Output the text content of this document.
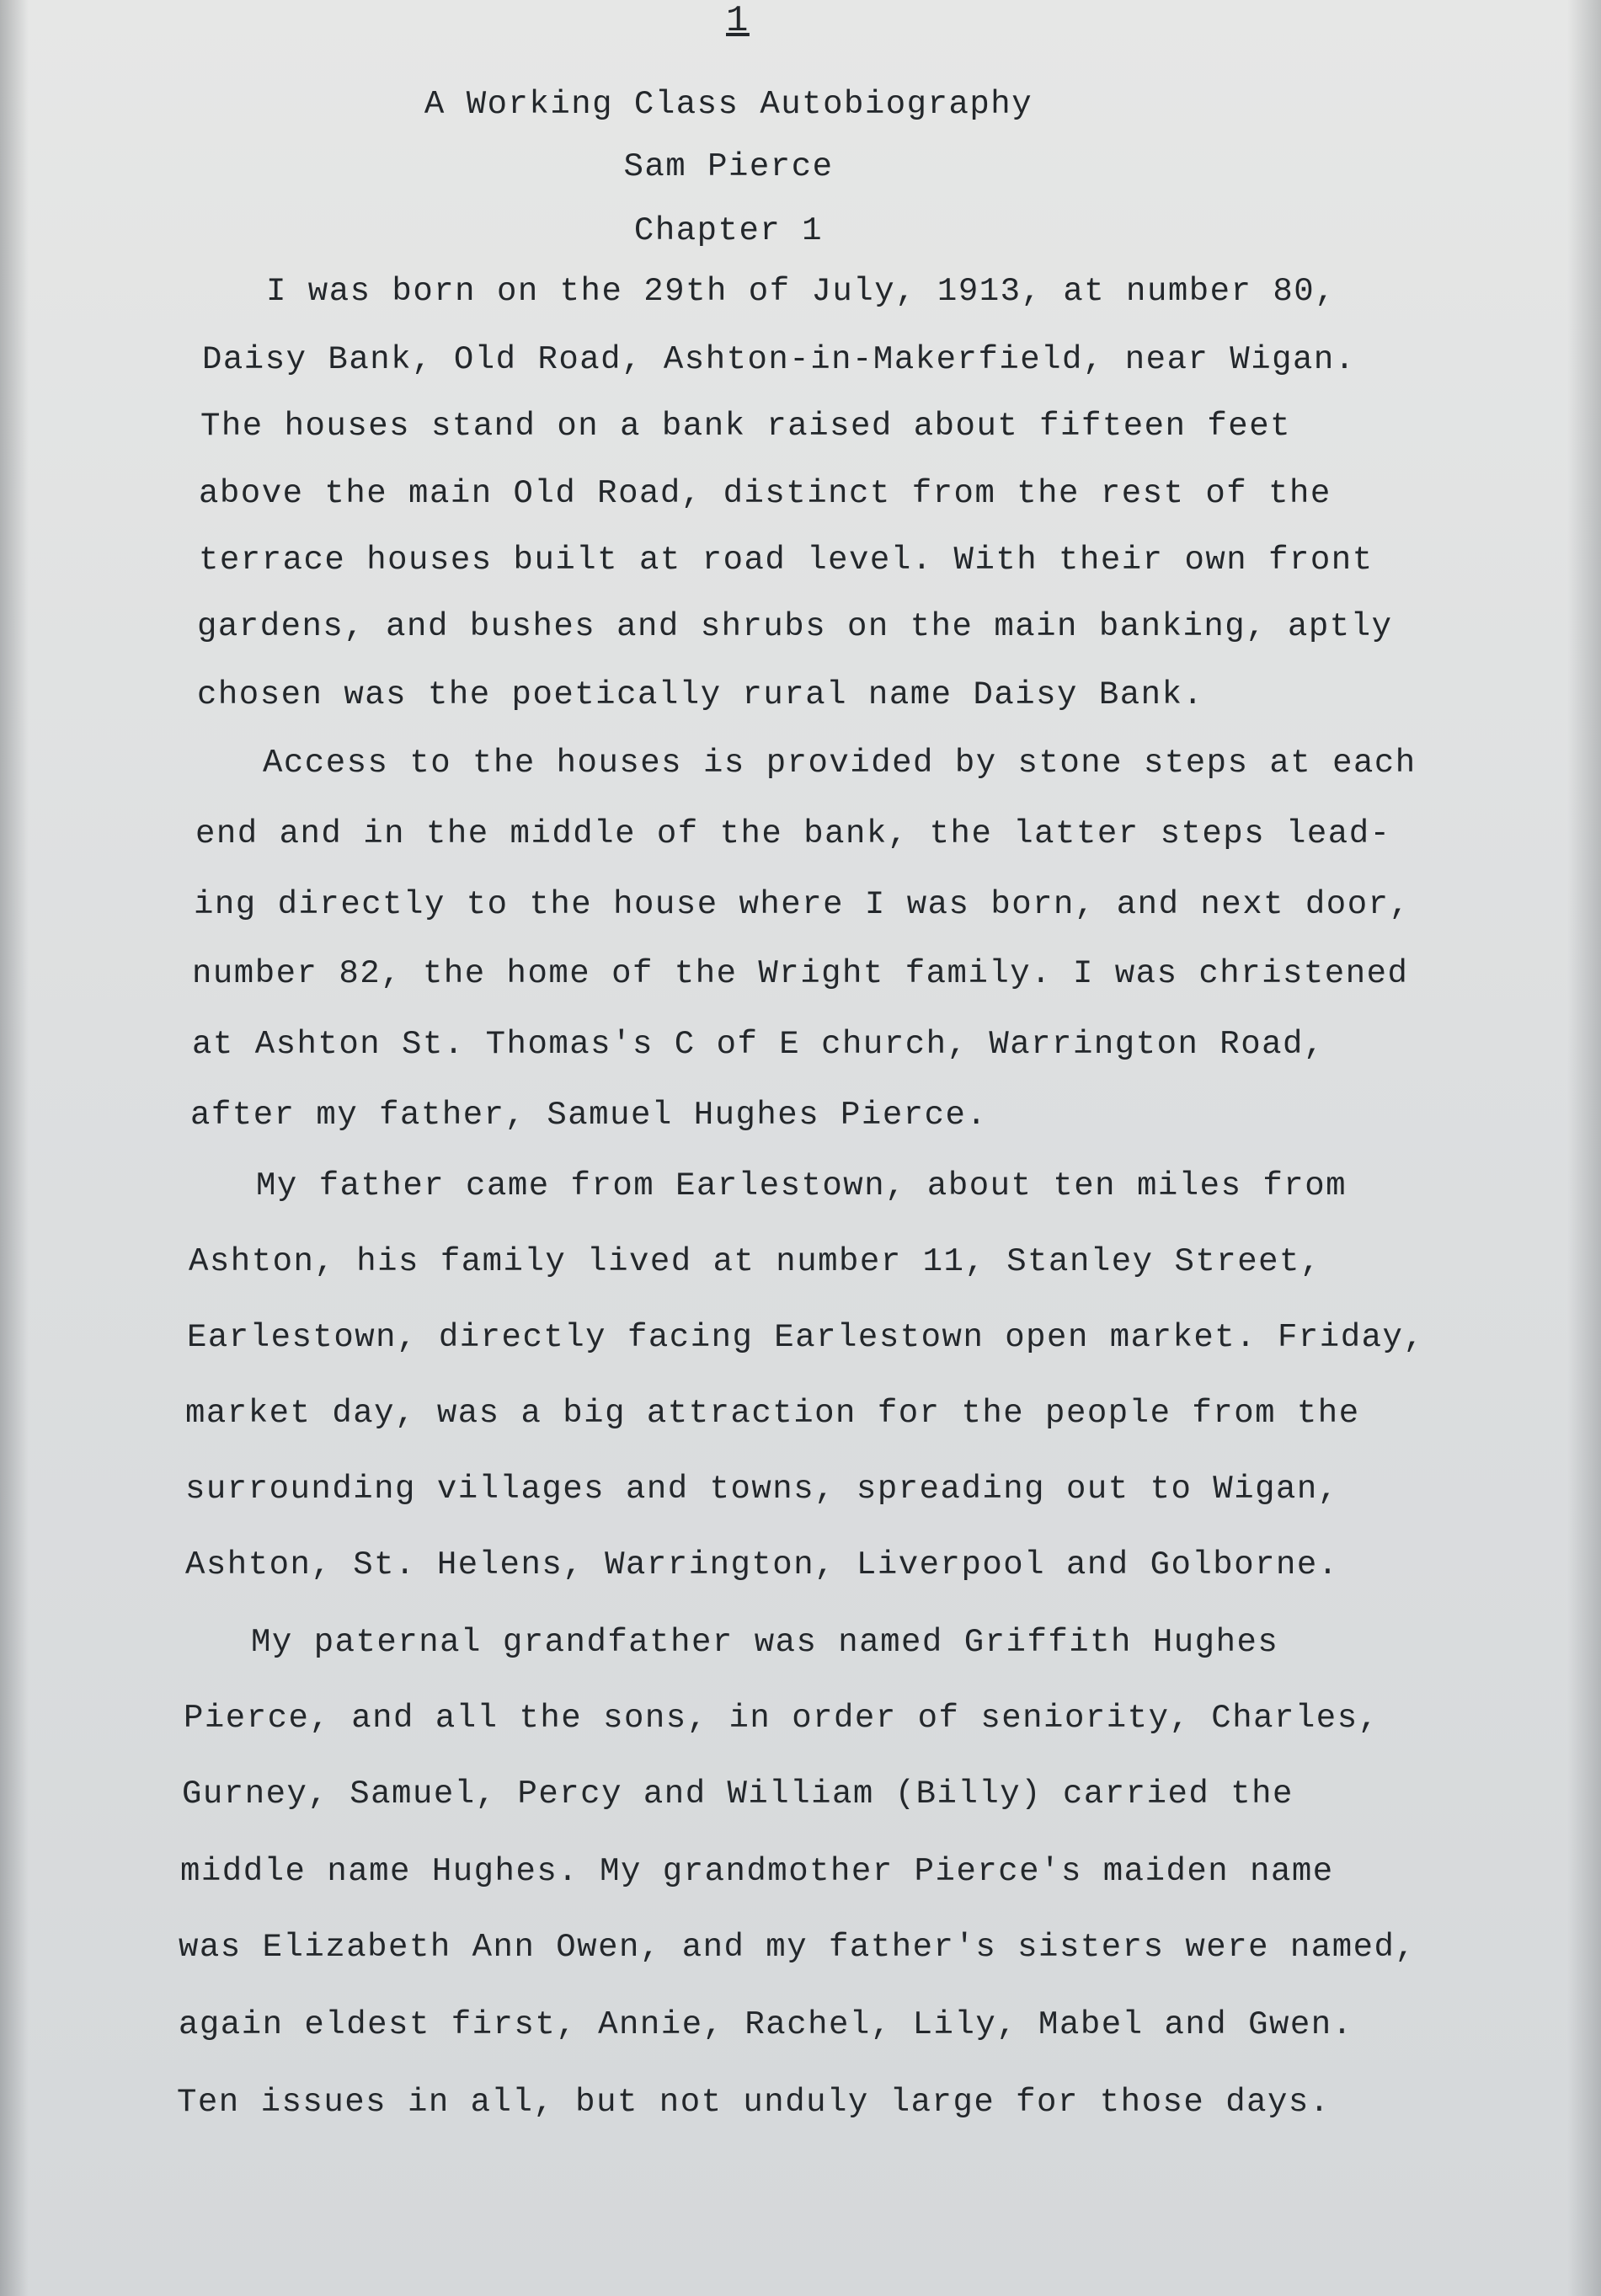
1
A Working Class Autobiography
Sam Pierce
Chapter 1
I was born on the 29th of July, 1913, at number 80,
Daisy Bank, Old Road, Ashton-in-Makerfield, near Wigan.
The houses stand on a bank raised about fifteen feet
above the main Old Road, distinct from the rest of the
terrace houses built at road level. With their own front
gardens, and bushes and shrubs on the main banking, aptly
chosen was the poetically rural name Daisy Bank.
Access to the houses is provided by stone steps at each
end and in the middle of the bank, the latter steps lead-
ing directly to the house where I was born, and next door,
number 82, the home of the Wright family. I was christened
at Ashton St. Thomas's C of E church, Warrington Road,
after my father, Samuel Hughes Pierce.
My father came from Earlestown, about ten miles from
Ashton, his family lived at number 11, Stanley Street,
Earlestown, directly facing Earlestown open market. Friday,
market day, was a big attraction for the people from the
surrounding villages and towns, spreading out to Wigan,
Ashton, St. Helens, Warrington, Liverpool and Golborne.
My paternal grandfather was named Griffith Hughes
Pierce, and all the sons, in order of seniority, Charles,
Gurney, Samuel, Percy and William (Billy) carried the
middle name Hughes. My grandmother Pierce's maiden name
was Elizabeth Ann Owen, and my father's sisters were named,
again eldest first, Annie, Rachel, Lily, Mabel and Gwen.
Ten issues in all, but not unduly large for those days.
